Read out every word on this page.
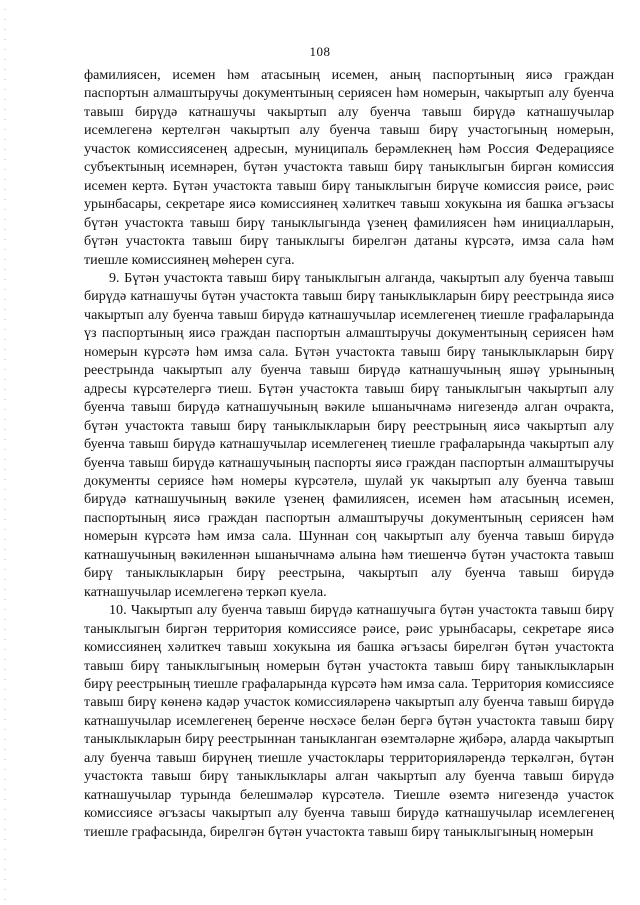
108

фамилиясен, исемен һәм атасының исемен, аның паспортының яисә граждан паспортын алмаштыручы документының сериясен һәм номерын, чакыртып алу буенча тавыш бирүдә катнашучы чакыртып алу буенча тавыш бирүдә катнашучылар исемлегенә кертелгән чакыртып алу буенча тавыш бирү участогының номерын, участок комиссиясенең адресын, муниципаль берәмлекнең һәм Россия Федерациясе субъектының исемнәрен, бүтән участокта тавыш бирү таныклыгын биргән комиссия исемен кертә. Бүтән участокта тавыш бирү таныклыгын бирүче комиссия рәисе, рәис урынбасары, секретаре яисә комиссиянең хәлиткеч тавыш хокукына ия башка әгъзасы бүтән участокта тавыш бирү таныклыгында үзенең фамилиясен һәм инициалларын, бүтән участокта тавыш бирү таныклыгы бирелгән датаны күрсәтә, имза сала һәм тиешле комиссиянең мөһерен суга.

9. Бүтән участокта тавыш бирү таныклыгын алганда, чакыртып алу буенча тавыш бирүдә катнашучы бүтән участокта тавыш бирү таныклыкларын бирү реестрында яисә чакыртып алу буенча тавыш бирүдә катнашучылар исемлегенең тиешле графаларында үз паспортының яисә граждан паспортын алмаштыручы документының сериясен һәм номерын күрсәтә һәм имза сала. Бүтән участокта тавыш бирү таныклыкларын бирү реестрында чакыртып алу буенча тавыш бирүдә катнашучының яшәү урынының адресы күрсәтелергә тиеш. Бүтән участокта тавыш бирү таныклыгын чакыртып алу буенча тавыш бирүдә катнашучының вәкиле ышанычнамә нигезендә алган очракта, бүтән участокта тавыш бирү таныклыкларын бирү реестрының яисә чакыртып алу буенча тавыш бирүдә катнашучылар исемлегенең тиешле графаларында чакыртып алу буенча тавыш бирүдә катнашучының паспорты яисә граждан паспортын алмаштыручы документы сериясе һәм номеры күрсәтелә, шулай ук чакыртып алу буенча тавыш бирүдә катнашучының вәкиле үзенең фамилиясен, исемен һәм атасының исемен, паспортының яисә граждан паспортын алмаштыручы документының сериясен һәм номерын күрсәтә һәм имза сала. Шуннан соң чакыртып алу буенча тавыш бирүдә катнашучының вәкиленнән ышанычнамә алына һәм тиешенчә бүтән участокта тавыш бирү таныклыкларын бирү реестрына, чакыртып алу буенча тавыш бирүдә катнашучылар исемлегенә теркәп куела.

10. Чакыртып алу буенча тавыш бирүдә катнашучыга бүтән участокта тавыш бирү таныклыгын биргән территория комиссиясе рәисе, рәис урынбасары, секретаре яисә комиссиянең хәлиткеч тавыш хокукына ия башка әгъзасы бирелгән бүтән участокта тавыш бирү таныклыгының номерын бүтән участокта тавыш бирү таныклыкларын бирү реестрының тиешле графаларында күрсәтә һәм имза сала. Территория комиссиясе тавыш бирү көненә кадәр участок комиссияләренә чакыртып алу буенча тавыш бирүдә катнашучылар исемлегенең беренче нөсхәсе белән бергә бүтән участокта тавыш бирү таныклыкларын бирү реестрыннан таныкланган өземтәләрне җибәрә, аларда чакыртып алу буенча тавыш бирүнең тиешле участоклары территорияләрендә теркәлгән, бүтән участокта тавыш бирү таныклыклары алган чакыртып алу буенча тавыш бирүдә катнашучылар турында белешмәләр күрсәтелә. Тиешле өземтә нигезендә участок комиссиясе әгъзасы чакыртып алу буенча тавыш бирүдә катнашучылар исемлегенең тиешле графасында, бирелгән бүтән участокта тавыш бирү таныклыгының номерын
